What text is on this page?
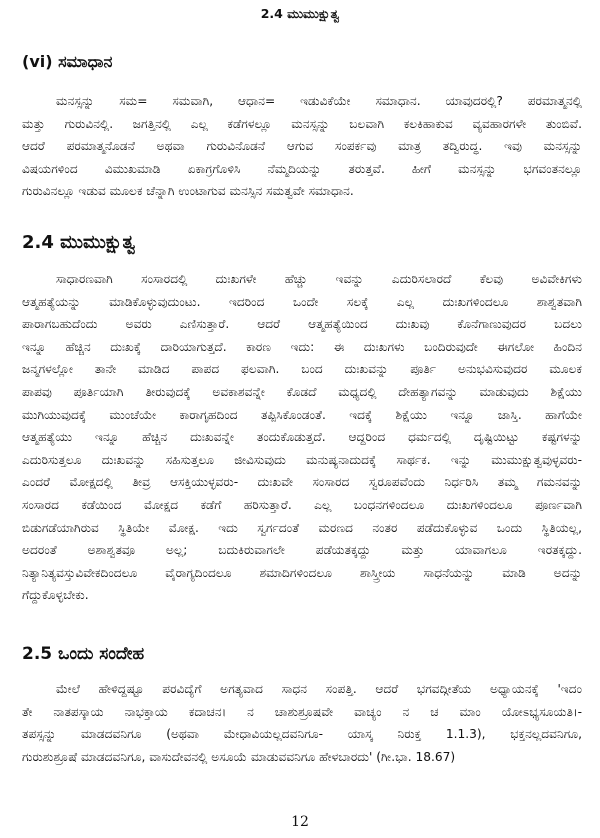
2.4 ಮುಮುಕ್ಷುತ್ವ
(vi) ಸಮಾಧಾನ
ಮನಸ್ಸನ್ನು ಸಮ= ಸಮವಾಗಿ, ಆಧಾನ= ಇಡುವಿಕೆಯೇ ಸಮಾಧಾನ. ಯಾವುದರಲ್ಲಿ? ಪರಮಾತ್ಮನಲ್ಲಿ
ಮತ್ತು ಗುರುವಿನಲ್ಲಿ. ಜಗತ್ತಿನಲ್ಲಿ ಎಲ್ಲ ಕಡೆಗಳಲ್ಲೂ ಮನಸ್ಸನ್ನು ಬಲವಾಗಿ ಕಲಕಿಹಾಕುವ ವ್ಯವಹಾರಗಳೇ ತುಂಬಿವೆ.
ಆದರೆ ಪರಮಾತ್ಮನೊಡನೆ ಅಥವಾ ಗುರುವಿನೊಡನೆ ಆಗುವ ಸಂಪರ್ಕವು ಮಾತ್ರ ತದ್ವಿರುದ್ಧ. ಇವು ಮನಸ್ಸನ್ನು
ವಿಷಯಗಳಿಂದ ವಿಮುಖಮಾಡಿ ಏಕಾಗ್ರಗೊಳಿಸಿ ನೆಮ್ಮದಿಯನ್ನು ತರುತ್ತವೆ. ಹೀಗೆ ಮನಸ್ಸನ್ನು ಭಗವಂತನಲ್ಲೂ
ಗುರುವಿನಲ್ಲೂ ಇಡುವ ಮೂಲಕ ಚೆನ್ನಾಗಿ ಉಂಟಾಗುವ ಮನಸ್ಸಿನ ಸಮತ್ವವೇ ಸಮಾಧಾನ.
2.4 ಮುಮುಕ್ಷುತ್ವ
ಸಾಧಾರಣವಾಗಿ ಸಂಸಾರದಲ್ಲಿ ದುಃಖಗಳೇ ಹೆಚ್ಚು ಇವನ್ನು ಎದುರಿಸಲಾರದೆ ಕೆಲವು ಅವಿವೇಕಿಗಳು
ಆತ್ಮಹತ್ಯೆಯನ್ನು ಮಾಡಿಕೊಳ್ಳುವುದುಂಟು. ಇದರಿಂದ ಒಂದೇ ಸಲಕ್ಕೆ ಎಲ್ಲ ದುಃಖಗಳಿಂದಲೂ ಶಾಶ್ವತವಾಗಿ
ಪಾರಾಗಬಹುದೆಂದು ಅವರು ಎಣಿಸುತ್ತಾರೆ. ಆದರೆ ಆತ್ಮಹತ್ಯೆಯಿಂದ ದುಃಖವು ಕೊನೆಗಾಣುವುದರ ಬದಲು
ಇನ್ನೂ ಹೆಚ್ಚಿನ ದುಃಖಕ್ಕೆ ದಾರಿಯಾಗುತ್ತದೆ. ಕಾರಣ ಇದು: ಈ ದುಃಖಗಳು ಬಂದಿರುವುದೇ ಈಗಲೋ ಹಿಂದಿನ
ಜನ್ಮಗಳಲ್ಲೋ ತಾನೇ ಮಾಡಿದ ಪಾಪದ ಫಲವಾಗಿ. ಬಂದ ದುಃಖವನ್ನು ಪೂರ್ತಿ ಅನುಭವಿಸುವುದರ ಮೂಲಕ
ಪಾಪವು ಪೂರ್ತಿಯಾಗಿ ತೀರುವುದಕ್ಕೆ ಅವಕಾಶವನ್ನೇ ಕೊಡದೆ ಮಧ್ಯದಲ್ಲಿ ದೇಹತ್ಯಾಗವನ್ನು ಮಾಡುವುದು ಶಿಕ್ಷೆಯು
ಮುಗಿಯುವುದಕ್ಕೆ ಮುಂಚೆಯೇ ಕಾರಾಗೃಹದಿಂದ ತಪ್ಪಿಸಿಕೊಂಡಂತೆ. ಇದಕ್ಕೆ ಶಿಕ್ಷೆಯು ಇನ್ನೂ ಜಾಸ್ತಿ. ಹಾಗೆಯೇ
ಆತ್ಮಹತ್ಯೆಯು ಇನ್ನೂ ಹೆಚ್ಚಿನ ದುಃಖವನ್ನೇ ತಂದುಕೊಡುತ್ತದೆ. ಆದ್ದರಿಂದ ಧರ್ಮದಲ್ಲಿ ದೃಷ್ಟಿಯಿಟ್ಟು ಕಷ್ಟಗಳನ್ನು
ಎದುರಿಸುತ್ತಲೂ ದುಃಖವನ್ನು ಸಹಿಸುತ್ತಲೂ ಜೀವಿಸುವುದು ಮನುಷ್ಯನಾದುದಕ್ಕೆ ಸಾರ್ಥಕ. ಇನ್ನು ಮುಮುಕ್ಷುತ್ವವುಳ್ಳವರು-
ಎಂದರೆ ಮೋಕ್ಷದಲ್ಲಿ ತೀವ್ರ ಆಸಕ್ತಿಯುಳ್ಳವರು- ದುಃಖವೇ ಸಂಸಾರದ ಸ್ವರೂಪವೆಂದು ನಿರ್ಧರಿಸಿ ತಮ್ಮ ಗಮನವನ್ನು
ಸಂಸಾರದ ಕಡೆಯಿಂದ ಮೋಕ್ಷದ ಕಡೆಗೆ ಹರಿಸುತ್ತಾರೆ. ಎಲ್ಲ ಬಂಧನಗಳಿಂದಲೂ ದುಃಖಗಳಿಂದಲೂ ಪೂರ್ಣವಾಗಿ
ಬಿಡುಗಡೆಯಾಗಿರುವ ಸ್ಥಿತಿಯೇ ಮೋಕ್ಷ. ಇದು ಸ್ವರ್ಗದಂತೆ ಮರಣದ ನಂತರ ಪಡೆದುಕೊಳ್ಳುವ ಒಂದು ಸ್ಥಿತಿಯಲ್ಲ,
ಅದರಂತೆ ಅಶಾಶ್ವತವೂ ಅಲ್ಲ; ಬದುಕಿರುವಾಗಲೇ ಪಡೆಯತಕ್ಕದ್ದು ಮತ್ತು ಯಾವಾಗಲೂ ಇರತಕ್ಕದ್ದು.
ನಿತ್ಯಾನಿತ್ಯವಸ್ತುವಿವೇಕದಿಂದಲೂ ವೈರಾಗ್ಯದಿಂದಲೂ ಶಮಾದಿಗಳಿಂದಲೂ ಶಾಸ್ತ್ರೀಯ ಸಾಧನೆಯನ್ನು ಮಾಡಿ ಅದನ್ನು
ಗೆದ್ದುಕೊಳ್ಳಬೇಕು.
2.5 ಒಂದು ಸಂದೇಹ
ಮೇಲೆ ಹೇಳಿದ್ದಷ್ಟೂ ಪರವಿದ್ಯೆಗೆ ಅಗತ್ಯವಾದ ಸಾಧನ ಸಂಪತ್ತಿ. ಆದರೆ ಭಗವದ್ಗೀತೆಯ ಅಧ್ಯಾಯನಕ್ಕೆ 'ಇದಂ
ತೇ ನಾತಪಸ್ಕಾಯ ನಾಭಕ್ತಾಯ ಕದಾಚನ। ನ ಚಾಶುಶ್ರೂಷವೇ ವಾಚ್ಯಂ ನ ಚ ಮಾಂ ಯೋಽಭ್ಯಸೂಯತಿ।-
ತಪಸ್ಸನ್ನು ಮಾಡದವನಿಗೂ (ಅಥವಾ ಮೇಧಾವಿಯಲ್ಲದವನಿಗೂ- ಯಾಸ್ಕ ನಿರುಕ್ತ 1.1.3), ಭಕ್ತನಲ್ಲದವನಿಗೂ,
ಗುರುಶುಶ್ರೂಷೆ ಮಾಡದವನಿಗೂ, ವಾಸುದೇವನಲ್ಲಿ ಅಸೂಯೆ ಮಾಡುವವನಿಗೂ ಹೇಳಬಾರದು' (ಗೀ.ಭಾ. 18.67)
12
